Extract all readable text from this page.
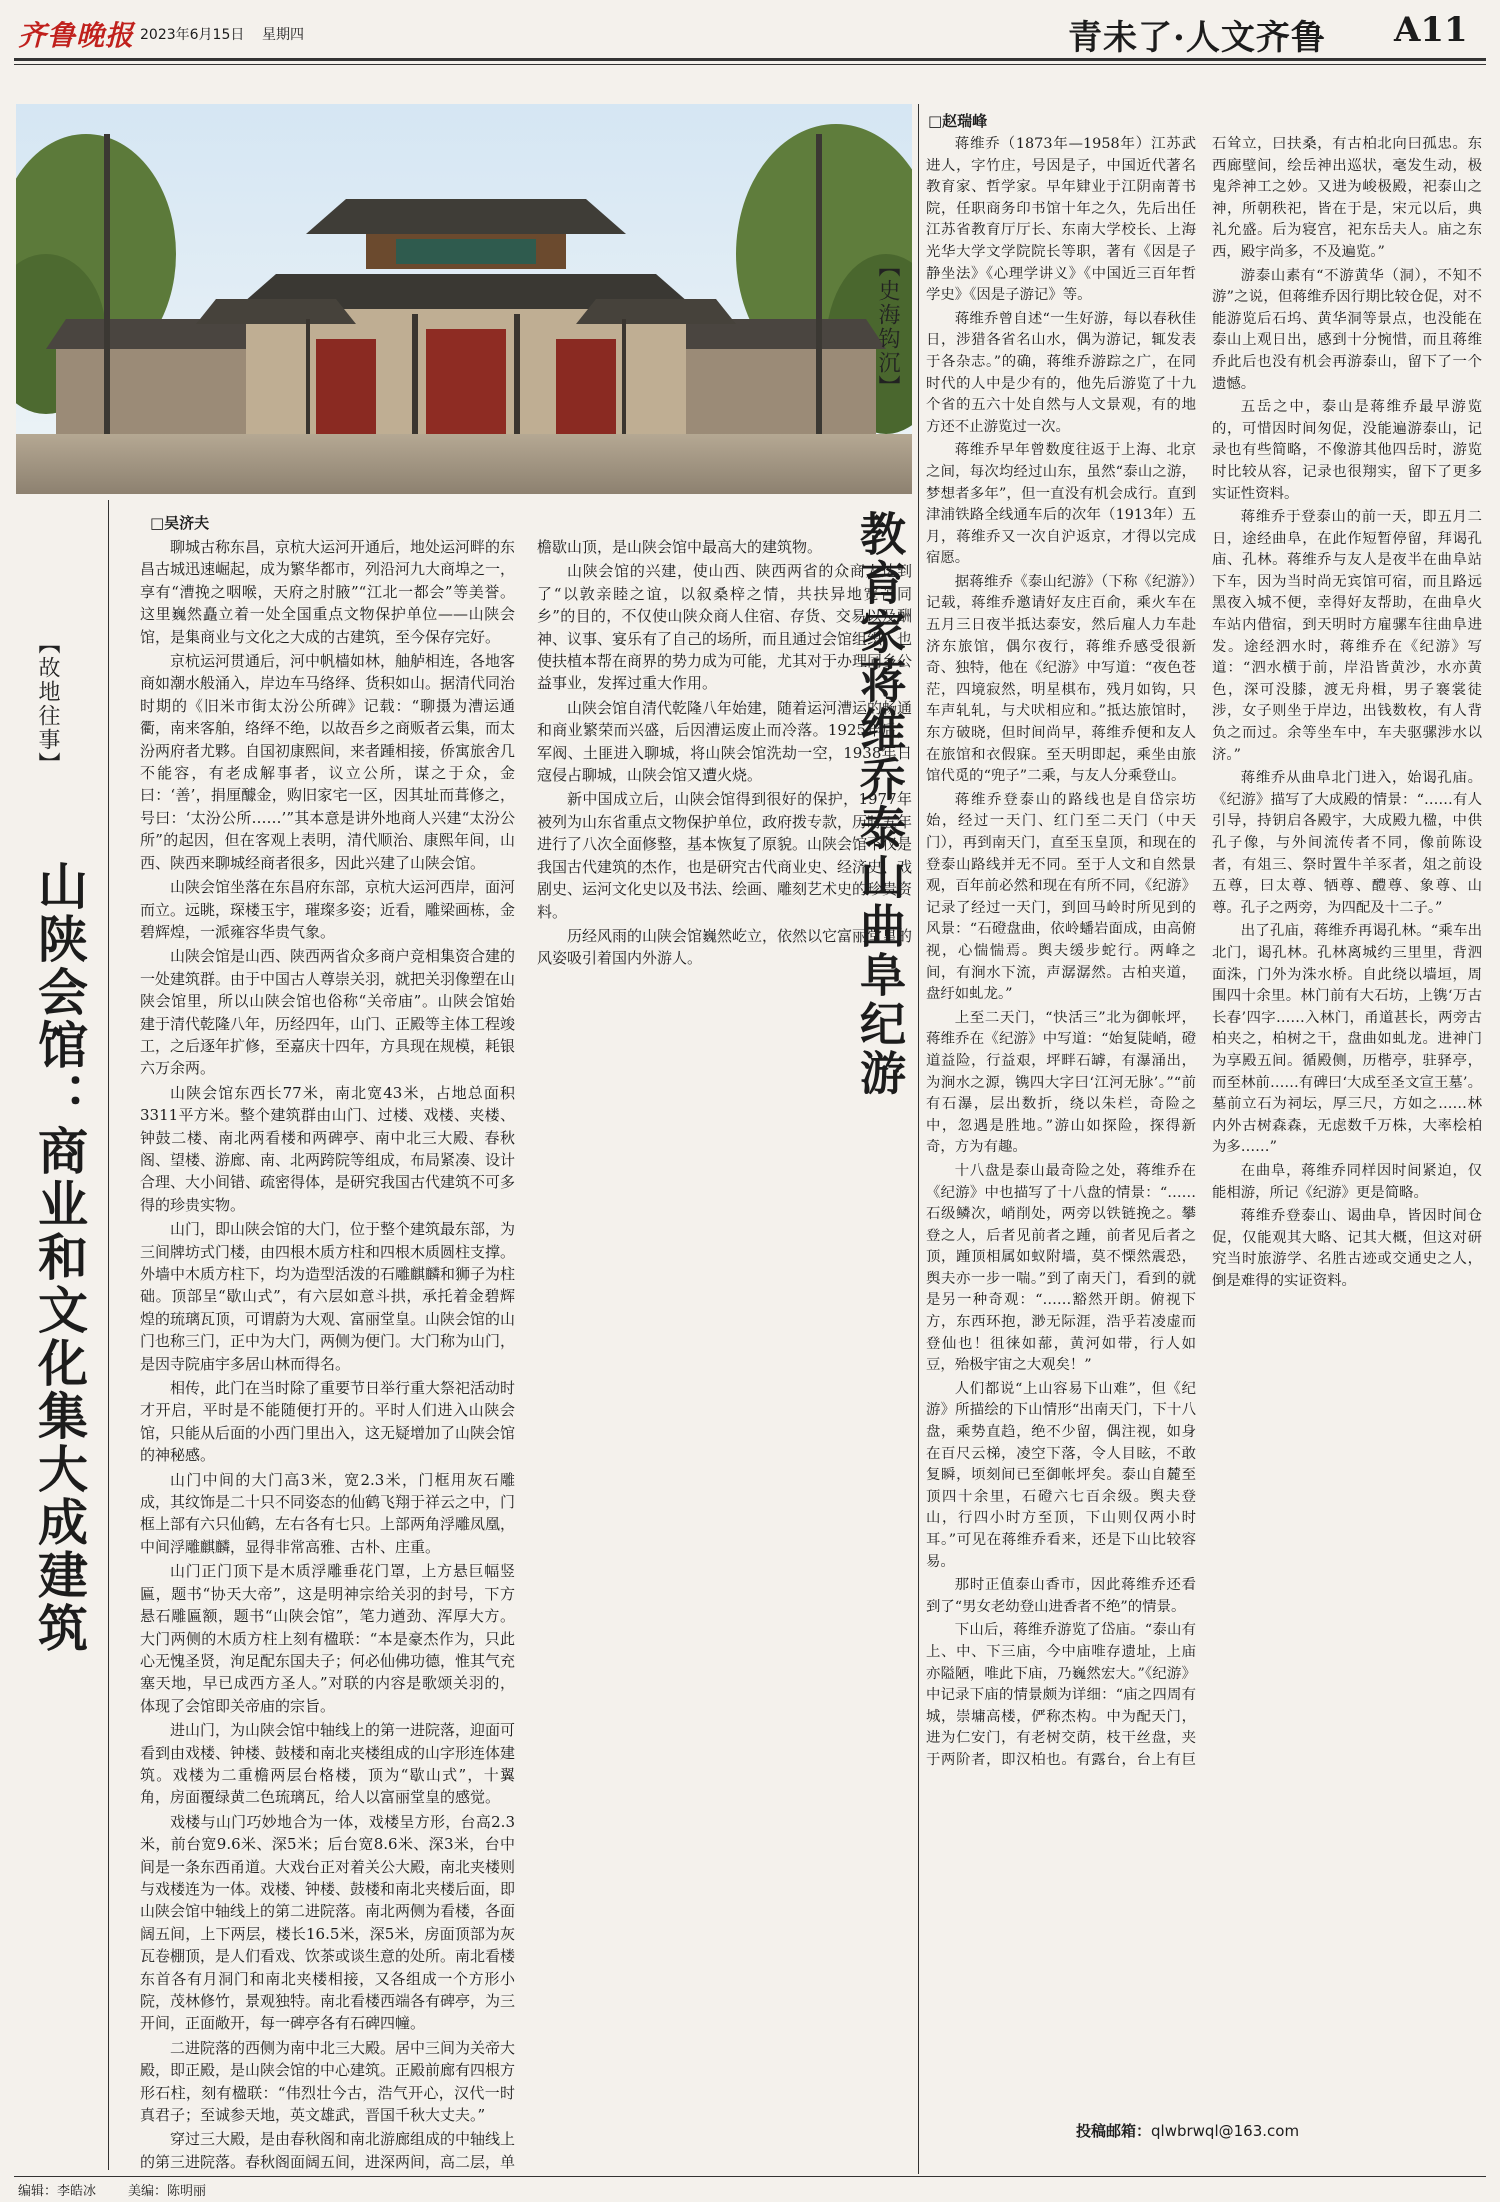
齐鲁晚报 2023年6月15日 星期四	青未了·人文齐鲁 A11
【故地往事】
山陕会馆：商业和文化集大成建筑
□吴济夫

聊城古称东昌，京杭大运河开通后，地处运河畔的东昌古城迅速崛起，成为繁华都市，列沿河九大商埠之一，享有“漕挽之咽喉，天府之肘腋”“江北一都会”等美誉。这里巍然矗立着一处全国重点文物保护单位——山陕会馆，是集商业与文化之大成的古建筑，至今保存完好。

京杭运河贯通后，河中帆樯如林，舳舻相连，各地客商如潮水般涌入，岸边车马络绎、货积如山。据清代同治时期的《旧米市街太汾公所碑》记载：“聊摄为漕运通衢，南来客舶，络绎不绝，以故吾乡之商贩者云集，而太汾两府者尤夥。自国初康熙间，来者踵相接，侨寓旅舍几不能容，有老成解事者，议立公所，谋之于众，金曰：‘善’，捐厘醵金，购旧家宅一区，因其址而葺修之，号曰：‘太汾公所……’”其本意是讲外地商人兴建“太汾公所”的起因，但在客观上表明，清代顺治、康熙年间，山西、陕西来聊城经商者很多，因此兴建了山陕会馆。

山陕会馆坐落在东昌府东部，京杭大运河西岸，面河而立。远眺，琛楼玉宇，璀璨多姿；近看，雕梁画栋，金碧辉煌，一派雍容华贵气象。

山陕会馆是山西、陕西两省众多商户竞相集资合建的一处建筑群。由于中国古人尊崇关羽，就把关羽像塑在山陕会馆里，所以山陕会馆也俗称“关帝庙”。山陕会馆始建于清代乾隆八年，历经四年，山门、正殿等主体工程竣工，之后逐年扩修，至嘉庆十四年，方具现在规模，耗银六万余两。

山陕会馆东西长77米，南北宽43米，占地总面积3311平方米。整个建筑群由山门、过楼、戏楼、夹楼、钟鼓二楼、南北两看楼和两碑亭、南中北三大殿、春秋阁、望楼、游廊、南、北两跨院等组成，布局紧凑、设计合理、大小间错、疏密得体，是研究我国古代建筑不可多得的珍贵实物。

山门，即山陕会馆的大门，位于整个建筑最东部，为三间牌坊式门楼，由四根木质方柱和四根木质圆柱支撑。外墙中木质方柱下，均为造型活泼的石雕麒麟和狮子为柱础。顶部呈“歇山式”，有六层如意斗拱，承托着金碧辉煌的琉璃瓦顶，可谓蔚为大观、富丽堂皇。山陕会馆的山门也称三门，正中为大门，两侧为便门。大门称为山门，是因寺院庙宇多居山林而得名。

相传，此门在当时除了重要节日举行重大祭祀活动时才开启，平时是不能随便打开的。平时人们进入山陕会馆，只能从后面的小西门里出入，这无疑增加了山陕会馆的神秘感。

山门中间的大门高3米，宽2.3米，门框用灰石雕成，其纹饰是二十只不同姿态的仙鹤飞翔于祥云之中，门框上部有六只仙鹤，左右各有七只。上部两角浮雕凤凰，中间浮雕麒麟，显得非常高雅、古朴、庄重。

山门正门顶下是木质浮雕垂花门罩，上方悬巨幅竖匾，题书“协天大帝”，这是明神宗给关羽的封号，下方悬石雕匾额，题书“山陕会馆”，笔力遒劲、浑厚大方。大门两侧的木质方柱上刻有楹联：“本是豪杰作为，只此心无愧圣贤，洵足配东国夫子；何必仙佛功德，惟其气充塞天地，早已成西方圣人。”对联的内容是歌颂关羽的，体现了会馆即关帝庙的宗旨。

进山门，为山陕会馆中轴线上的第一进院落，迎面可看到由戏楼、钟楼、鼓楼和南北夹楼组成的山字形连体建筑。戏楼为二重檐两层台格楼，顶为“歇山式”，十翼角，房面覆绿黄二色琉璃瓦，给人以富丽堂皇的感觉。

戏楼与山门巧妙地合为一体，戏楼呈方形，台高2.3米，前台宽9.6米、深5米；后台宽8.6米、深3米，台中间是一条东西甬道。大戏台正对着关公大殿，南北夹楼则与戏楼连为一体。戏楼、钟楼、鼓楼和南北夹楼后面，即山陕会馆中轴线上的第二进院落。南北两侧为看楼，各面阔五间，上下两层，楼长16.5米，深5米，房面顶部为灰瓦卷棚顶，是人们看戏、饮茶或谈生意的处所。南北看楼东首各有月洞门和南北夹楼相接，又各组成一个方形小院，茂林修竹，景观独特。南北看楼西端各有碑亭，为三开间，正面敞开，每一碑亭各有石碑四幢。

二进院落的西侧为南中北三大殿。居中三间为关帝大殿，即正殿，是山陕会馆的中心建筑。正殿前廊有四根方形石柱，刻有楹联：“伟烈壮今古，浩气开心，汉代一时真君子；至诚参天地，英文雄武，晋国千秋大丈夫。”

穿过三大殿，是由春秋阁和南北游廊组成的中轴线上的第三进院落。春秋阁面阔五间，进深两间，高二层，单檐歇山顶，是山陕会馆中最高大的建筑物。

山陕会馆的兴建，使山西、陕西两省的众商人达到了“以敦亲睦之谊，以叙桑梓之情，共扶异地宽苦同乡”的目的，不仅使山陕众商人住宿、存货、交易以及酬神、议事、宴乐有了自己的场所，而且通过会馆组织，也使扶植本帮在商界的势力成为可能，尤其对于办理同乡公益事业，发挥过重大作用。

山陕会馆自清代乾隆八年始建，随着运河漕运的畅通和商业繁荣而兴盛，后因漕运废止而冷落。1925年后，军阀、土匪进入聊城，将山陕会馆洗劫一空，1938年日寇侵占聊城，山陕会馆又遭火烧。

新中国成立后，山陕会馆得到很好的保护，1977年被列为山东省重点文物保护单位，政府拨专款，历时五年进行了八次全面修整，基本恢复了原貌。山陕会馆不仅是我国古代建筑的杰作，也是研究古代商业史、经济史、戏剧史、运河文化史以及书法、绘画、雕刻艺术史的珍贵资料。

历经风雨的山陕会馆巍然屹立，依然以它富丽堂皇的风姿吸引着国内外游人。

【史海钩沉】
教育家蒋维乔泰山曲阜纪游
□赵瑞峰

蒋维乔（1873年—1958年）江苏武进人，字竹庄，号因是子，中国近代著名教育家、哲学家。早年肄业于江阴南菁书院，任职商务印书馆十年之久，先后出任江苏省教育厅厅长、东南大学校长、上海光华大学文学院院长等职，著有《因是子静坐法》《心理学讲义》《中国近三百年哲学史》《因是子游记》等。

蒋维乔曾自述“一生好游，每以春秋佳日，涉猎各省名山水，偶为游记，辄发表于各杂志。”的确，蒋维乔游踪之广，在同时代的人中是少有的，他先后游览了十九个省的五六十处自然与人文景观，有的地方还不止游览过一次。

蒋维乔早年曾数度往返于上海、北京之间，每次均经过山东，虽然“泰山之游，梦想者多年”，但一直没有机会成行。直到津浦铁路全线通车后的次年（1913年）五月，蒋维乔又一次自沪返京，才得以完成宿愿。

据蒋维乔《泰山纪游》（下称《纪游》）记载，蒋维乔邀请好友庄百俞，乘火车在五月三日夜半抵达泰安，然后雇人力车赴济东旅馆，偶尔夜行，蒋维乔感受很新奇、独特，他在《纪游》中写道：“夜色苍茫，四境寂然，明星棋布，残月如钩，只车声轧轧，与犬吠相应和。”抵达旅馆时，东方破晓，但时间尚早，蒋维乔便和友人在旅馆和衣假寐。至天明即起，乘坐由旅馆代觅的“兜子”二乘，与友人分乘登山。

蒋维乔登泰山的路线也是自岱宗坊始，经过一天门、红门至二天门（中天门），再到南天门，直至玉皇顶，和现在的登泰山路线并无不同。至于人文和自然景观，百年前必然和现在有所不同，《纪游》记录了经过一天门，到回马岭时所见到的风景：“石磴盘曲，依岭蟠岩面成，由高俯视，心惴惴焉。舆夫缓步蛇行。两峰之间，有涧水下流，声潺潺然。古柏夹道，盘纡如虬龙。”

上至二天门，“快活三”北为御帐坪，蒋维乔在《纪游》中写道：“始复陡峭，磴道益险，行益艰，坪畔石罅，有瀑涌出，为涧水之源，镌四大字曰‘江河无脉’。”“前有石瀑，层出数折，绕以朱栏，奇险之中，忽遇是胜地。”游山如探险，探得新奇，方为有趣。

十八盘是泰山最奇险之处，蒋维乔在《纪游》中也描写了十八盘的情景：“……石级鳞次，峭削处，两旁以铁链挽之。攀登之人，后者见前者之踵，前者见后者之顶，踵顶相属如蚁附墙，莫不慄然震恐，舆夫亦一步一喘。”到了南天门，看到的就是另一种奇观：“……豁然开朗。俯视下方，东西环抱，渺无际涯，浩乎若凌虚而登仙也！徂徕如蔀，黄河如带，行人如豆，殆极宇宙之大观矣！”

人们都说“上山容易下山难”，但《纪游》所描绘的下山情形“出南天门，下十八盘，乘势直趋，绝不少留，偶注视，如身在百尺云梯，凌空下落，令人目眩，不敢复瞬，顷刻间已至御帐坪矣。泰山自麓至顶四十余里，石磴六七百余级。舆夫登山，行四小时方至顶，下山则仅两小时耳。”可见在蒋维乔看来，还是下山比较容易。

那时正值泰山香市，因此蒋维乔还看到了“男女老幼登山进香者不绝”的情景。

下山后，蒋维乔游览了岱庙。“泰山有上、中、下三庙，今中庙唯存遗址，上庙亦隘陋，唯此下庙，乃巍然宏大。”《纪游》中记录下庙的情景颇为详细：“庙之四周有城，崇墉高楼，俨称杰构。中为配天门，进为仁安门，有老树交荫，枝干丝盘，夹于两阶者，即汉柏也。有露台，台上有巨石耸立，曰扶桑，有古柏北向曰孤忠。东西廊壁间，绘岳神出巡状，毫发生动，极鬼斧神工之妙。又进为峻极殿，祀泰山之神，所朝秩祀，皆在于是，宋元以后，典礼允盛。后为寝宫，祀东岳夫人。庙之东西，殿宇尚多，不及遍览。”

游泰山素有“不游黄华（洞），不知不游”之说，但蒋维乔因行期比较仓促，对不能游览后石坞、黄华洞等景点，也没能在泰山上观日出，感到十分惋惜，而且蒋维乔此后也没有机会再游泰山，留下了一个遗憾。

五岳之中，泰山是蒋维乔最早游览的，可惜因时间匆促，没能遍游泰山，记录也有些简略，不像游其他四岳时，游览时比较从容，记录也很翔实，留下了更多实证性资料。

蒋维乔于登泰山的前一天，即五月二日，途经曲阜，在此作短暂停留，拜谒孔庙、孔林。蒋维乔与友人是夜半在曲阜站下车，因为当时尚无宾馆可宿，而且路远黑夜入城不便，幸得好友帮助，在曲阜火车站内借宿，到天明时方雇骡车往曲阜进发。途经泗水时，蒋维乔在《纪游》写道：“泗水横于前，岸沿皆黄沙，水亦黄色，深可没膝，渡无舟楫，男子褰裳徒涉，女子则坐于岸边，出钱数枚，有人背负之而过。余等坐车中，车夫驱骡涉水以济。”

蒋维乔从曲阜北门进入，始谒孔庙。《纪游》描写了大成殿的情景：“……有人引导，持钥启各殿宇，大成殿九楹，中供孔子像，与外间流传者不同，像前陈设者，有俎三、祭时置牛羊豕者，俎之前设五尊，曰太尊、牺尊、醴尊、象尊、山尊。孔子之两旁，为四配及十二子。”

出了孔庙，蒋维乔再谒孔林。“乘车出北门，谒孔林。孔林离城约三里里，背泗面洙，门外为洙水桥。自此绕以墙垣，周围四十余里。林门前有大石坊，上镌‘万古长春’四字……入林门，甬道甚长，两旁古柏夹之，柏树之干，盘曲如虬龙。进神门为享殿五间。循殿侧，历楷亭，驻驿亭，而至林前……有碑曰‘大成至圣文宣王墓’。墓前立石为祠坛，厚三尺，方如之……林内外古树森森，无虑数千万株，大率桧柏为多……”

在曲阜，蒋维乔同样因时间紧迫，仅能相游，所记《纪游》更是简略。

蒋维乔登泰山、谒曲阜，皆因时间仓促，仅能观其大略、记其大概，但这对研究当时旅游学、名胜古迹或交通史之人，倒是难得的实证资料。

投稿邮箱：qlwbrwql@163.com
编辑：李皓冰 美编：陈明丽
